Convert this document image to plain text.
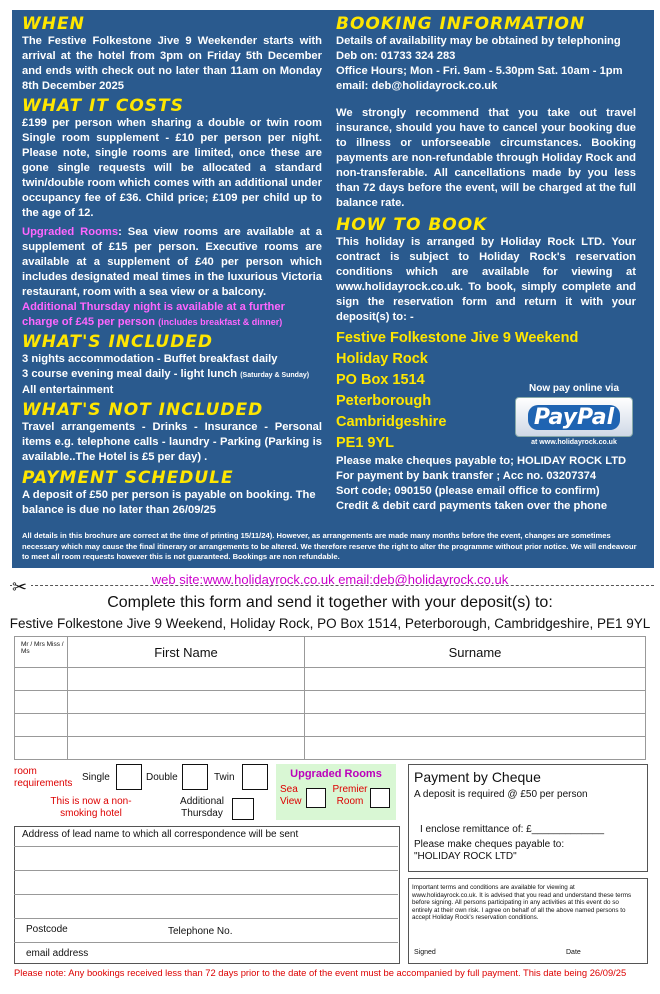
WHEN

The Festive Folkestone Jive 9 Weekender starts with arrival at the hotel from 3pm on Friday 5th December and ends with check out no later than 11am on Monday 8th December 2025

WHAT IT COSTS

£199 per person when sharing a double or twin room Single room supplement - £10 per person per night. Please note, single rooms are limited, once these are gone single requests will be allocated a standard twin/double room which comes with an additional under occupancy fee of £36. Child price; £109 per child up to the age of 12.

Upgraded Rooms: Sea view rooms are available at a supplement of £15 per person. Executive rooms are available at a supplement of £40 per person which includes designated meal times in the luxurious Victoria restaurant, room with a sea view or a balcony.

Additional Thursday night is available at a further charge of £45 per person (includes breakfast & dinner)

WHAT'S INCLUDED

3 nights accommodation - Buffet breakfast daily

3 course evening meal daily - light lunch (Saturday & Sunday)

All entertainment

WHAT'S NOT INCLUDED

Travel arrangements - Drinks - Insurance - Personal items e.g. telephone calls - laundry - Parking (Parking is available..The Hotel is £5 per day) .

PAYMENT SCHEDULE

A deposit of £50 per person is payable on booking. The balance is due no later than 26/09/25

BOOKING INFORMATION

Details of availability may be obtained by telephoning

Deb on: 01733 324 283

Office Hours; Mon - Fri. 9am - 5.30pm Sat. 10am - 1pm

email: deb@holidayrock.co.uk

We strongly recommend that you take out travel insurance, should you have to cancel your booking due to illness or unforseeable circumstances. Booking payments are non-refundable through Holiday Rock and non-transferable. All cancellations made by you less than 72 days before the event, will be charged at the full balance rate.

HOW TO BOOK

This holiday is arranged by Holiday Rock LTD. Your contract is subject to Holiday Rock's reservation conditions which are available for viewing at www.holidayrock.co.uk. To book, simply complete and sign the reservation form and return it with your deposit(s) to: -

Festive Folkestone Jive 9 Weekend
Holiday Rock
PO Box 1514
Peterborough
Cambridgeshire
PE1 9YL

Please make cheques payable to; HOLIDAY ROCK LTD

For payment by bank transfer ; Acc no. 03207374

Sort code; 090150 (please email office to confirm)

Credit & debit card payments taken over the phone

Now pay online via
PayPal
at www.holidayrock.co.uk
All details in this brochure are correct at the time of printing 15/11/24). However, as arrangements are made many months before the event, changes are sometimes necessary which may cause the final itinerary or arrangements to be altered. We therefore reserve the right to alter the programme without prior notice. We will endeavour to meet all room requests however this is not guaranteed. Bookings are non refundable.
web site:www.holidayrock.co.uk email:deb@holidayrock.co.uk
✂
Complete this form and send it together with your deposit(s) to:
Festive Folkestone Jive 9 Weekend, Holiday Rock, PO Box 1514, Peterborough, Cambridgeshire, PE1 9YL
Mr / Mrs Miss / Ms	First Name	Surname

room requirements
Single	Double	Twin
This is now a non-smoking hotel
Additional Thursday
Upgraded Rooms
Sea View
Premier Room
Address of lead name to which all correspondence will be sent
Postcode	Telephone No.
email address
Payment by Cheque
A deposit is required @ £50 per person
I enclose remittance of: £_____________
Please make cheques payable to:
"HOLIDAY ROCK LTD"
Important terms and conditions are available for viewing at www.holidayrock.co.uk. It is advised that you read and understand these terms before signing. All persons participating in any activities at this event do so entirely at their own risk. I agree on behalf of all the above named persons to accept Holiday Rock's reservation conditions.
Signed	Date
Please note: Any bookings received less than 72 days prior to the date of the event must be accompanied by full payment. This date being 26/09/25
